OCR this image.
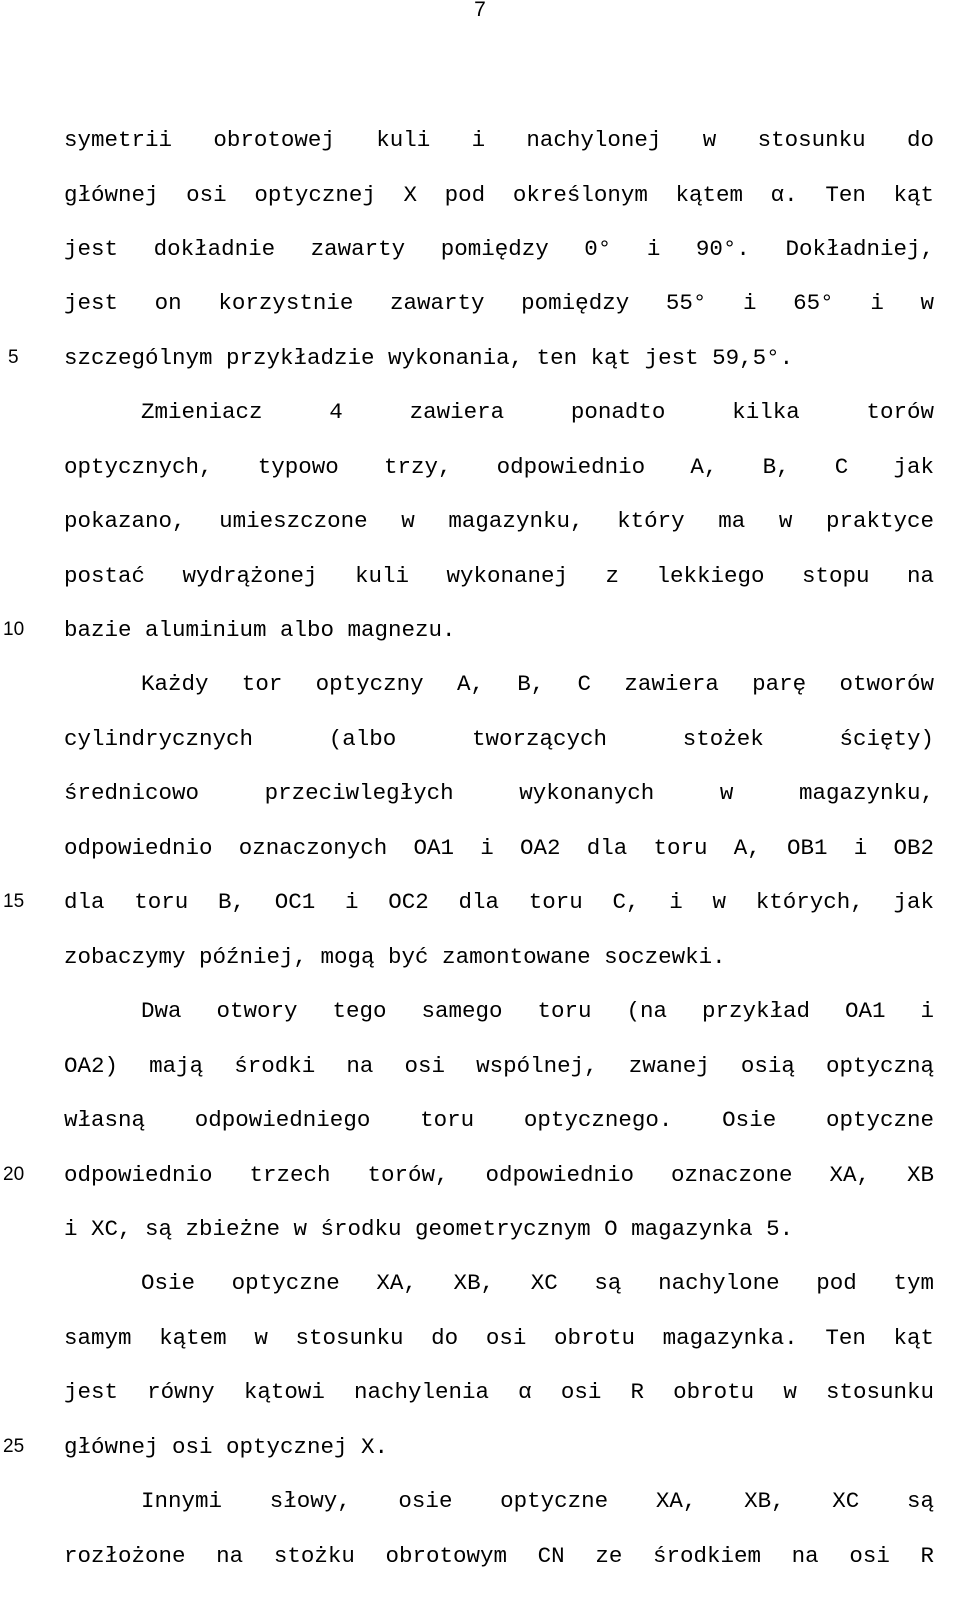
7
5
10
15
20
25
symetrii obrotowej kuli i nachylonej w stosunku do
głównej osi optycznej X pod określonym kątem α. Ten kąt
jest dokładnie zawarty pomiędzy 0° i 90°. Dokładniej,
jest on korzystnie zawarty pomiędzy 55° i 65° i w
szczególnym przykładzie wykonania, ten kąt jest 59,5°.
Zmieniacz 4 zawiera ponadto kilka torów
optycznych, typowo trzy, odpowiednio A, B, C jak
pokazano, umieszczone w magazynku, który ma w praktyce
postać wydrążonej kuli wykonanej z lekkiego stopu na
bazie aluminium albo magnezu.
Każdy tor optyczny A, B, C zawiera parę otworów
cylindrycznych (albo tworzących stożek ścięty)
średnicowo przeciwległych wykonanych w magazynku,
odpowiednio oznaczonych OA1 i OA2 dla toru A, OB1 i OB2
dla toru B, OC1 i OC2 dla toru C, i w których, jak
zobaczymy później, mogą być zamontowane soczewki.
Dwa otwory tego samego toru (na przykład OA1 i
OA2) mają środki na osi wspólnej, zwanej osią optyczną
własną odpowiedniego toru optycznego. Osie optyczne
odpowiednio trzech torów, odpowiednio oznaczone XA, XB
i XC, są zbieżne w środku geometrycznym O magazynka 5.
Osie optyczne XA, XB, XC są nachylone pod tym
samym kątem w stosunku do osi obrotu magazynka. Ten kąt
jest równy kątowi nachylenia α osi R obrotu w stosunku
głównej osi optycznej X.
Innymi słowy, osie optyczne XA, XB, XC są
rozłożone na stożku obrotowym CN ze środkiem na osi R
